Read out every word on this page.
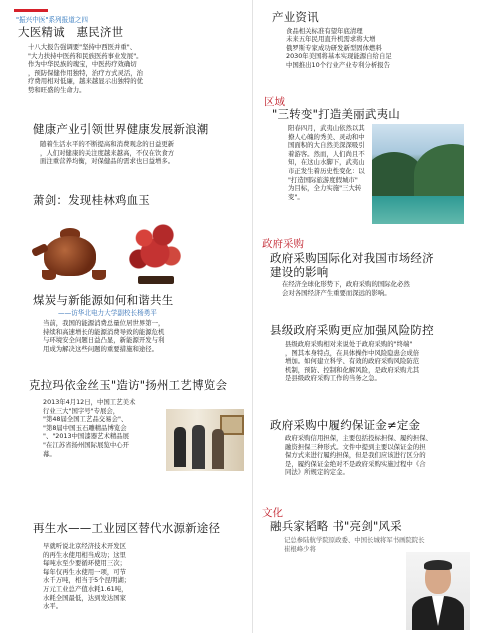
"振兴中医"系列报道之四
大医精诚　惠民济世
十八大报告强调要"坚持中西医并重"、
"大力扶持中医药和民族医药事业发展"。
作为中华民族的瑰宝，中医药疗效确切
，预防保健作用独特，治疗方式灵活，治
疗费用相对低廉，越来越显示出独特的优
势和旺盛的生命力。
健康产业引领世界健康发展新浪潮
随着生活水平的不断提高和消费观念的日益更新
，人们对健康的关注度越来越高，不仅在饮食方
面注重营养均衡，对保健品的需求也日益增多。
萧剑：发现桂林鸡血玉
煤炭与新能源如何和谐共生
——访华北电力大学副校长杨勇平
当前，我国的能源消费总量位居世界第一，
持续和高速增长的能源消费导致的能源危机
与环境安全问题日益凸显，新能源开发与利
用成为解决这些问题的重要措施和途径。
克拉玛依金丝玉"造访"扬州工艺博览会
2013年4月12日，中国工艺美术
行业三大"国字号"专展会，
"第48届全国工艺品交易会"、
"第8届中国玉石雕精品博览会
"、"2013中国漆器艺术精品展
"在江苏省扬州国际展览中心开
幕。
再生水——工业园区替代水源新途径
早就听说北京经济技术开发区
的再生水使用相当成功；这里
每吨水至少要循环使用三次；
每年仅再生水使用一项，可节
水千万吨，相当于5个昆明湖；
万元工业总产值水耗1.61吨，
水耗全国最低，达到发达国家
水平。
产业资讯
食品相关标准有望年底清理
未来五年民用直升机需求将大增
俄罗斯专家成功研发新型固体燃料
2030年美国将基本实现能源自给自足
中国推出10个行业产业专利分析报告
区域
"三转变"打造美丽武夷山
阳春四月，武夷山依然以其
撩人心魄的秀美、灵动和中
国面积的大自然美深深吸引
着游客。然而，人们尚且不
知，在这山水脚下，武夷山
市正发生着历史性变化：以
"打造国际旅游度假城市"
为目标，全力实施"三大转
变"。
政府采购
政府采购国际化对我国市场经济
建设的影响
在经济全球化形势下，政府采购的国际化必然
会对各国经济产生重要而深远的影响。
县级政府采购更应加强风险防控
县级政府采购相对来说处于政府采购的"终端"
，图其本身特点，在具体操作中风险隐患会成倍
增加。如何建立科学、有效的政府采购风险防范
机制，预防、控制和化解风险，是政府采购尤其
是县级政府采购工作的当务之急。
政府采购中履约保证金≠定金
政府采购信用担保，主要包括投标担保、履约担保、
融资担保三种形式。文件中提到主要以保证金的担
保方式来进行履约担保，但是我们应该进行区分的
是，履约保证金绝对不是政府采购实施过程中《合
同法》所规定的定金。
文化
融兵家韬略 书"亮剑"风采
记总参陆航学院原政委、中国长城将军书画院院长
崔根峰少将
